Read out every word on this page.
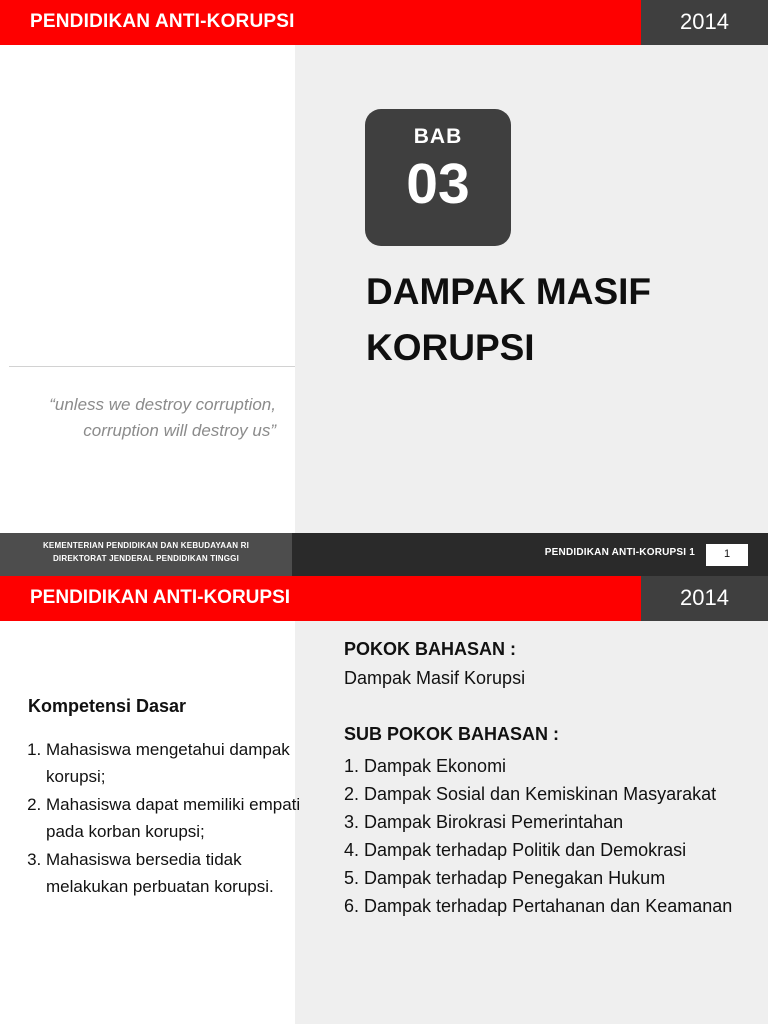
PENDIDIKAN ANTI-KORUPSI	2014
BAB
03
DAMPAK MASIF KORUPSI
“unless we destroy corruption, corruption will destroy us”
KEMENTERIAN PENDIDIKAN DAN KEBUDAYAAN RI
DIREKTORAT JENDERAL PENDIDIKAN TINGGI
PENDIDIKAN ANTI-KORUPSI 1	1
PENDIDIKAN ANTI-KORUPSI	2014
Kompetensi Dasar
1. Mahasiswa mengetahui dampak korupsi;
2. Mahasiswa dapat memiliki empati pada korban korupsi;
3. Mahasiswa bersedia tidak melakukan perbuatan korupsi.
POKOK BAHASAN :
Dampak Masif Korupsi
SUB POKOK BAHASAN :
1. Dampak Ekonomi
2. Dampak Sosial dan Kemiskinan Masyarakat
3. Dampak Birokrasi Pemerintahan
4. Dampak terhadap Politik dan Demokrasi
5. Dampak terhadap Penegakan Hukum
6. Dampak terhadap Pertahanan dan Keamanan
